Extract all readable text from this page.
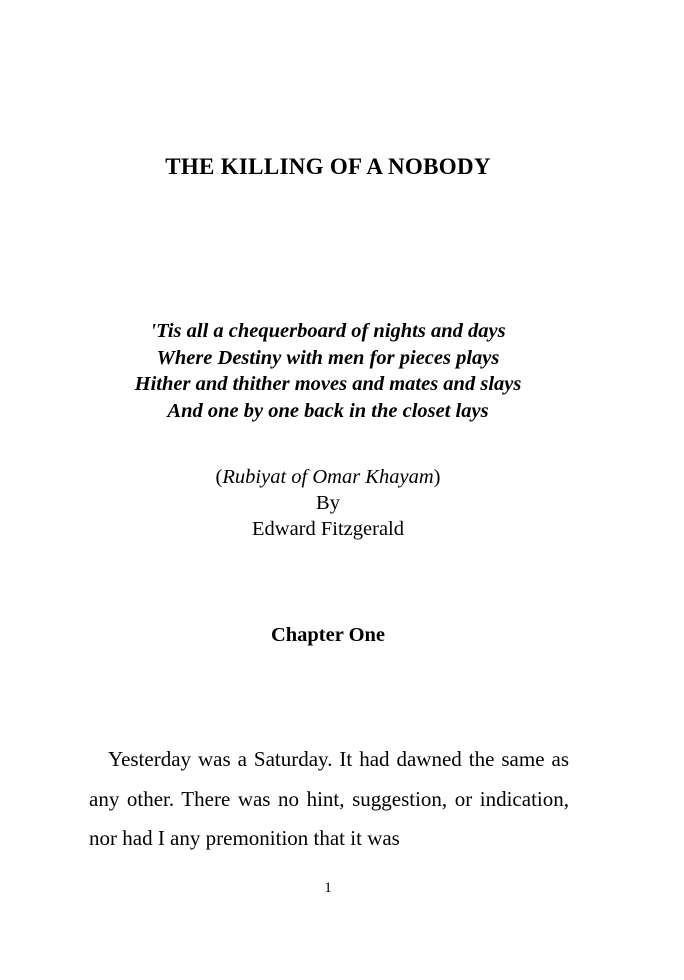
THE KILLING OF A NOBODY
'Tis all a chequerboard of nights and days
Where Destiny with men for pieces plays
Hither and thither moves and mates and slays
And one by one back in the closet lays
(Rubiyat of Omar Khayam)
By
Edward Fitzgerald
Chapter One

Yesterday was a Saturday. It had dawned the same as any other. There was no hint, suggestion, or indication, nor had I any premonition that it was

1
